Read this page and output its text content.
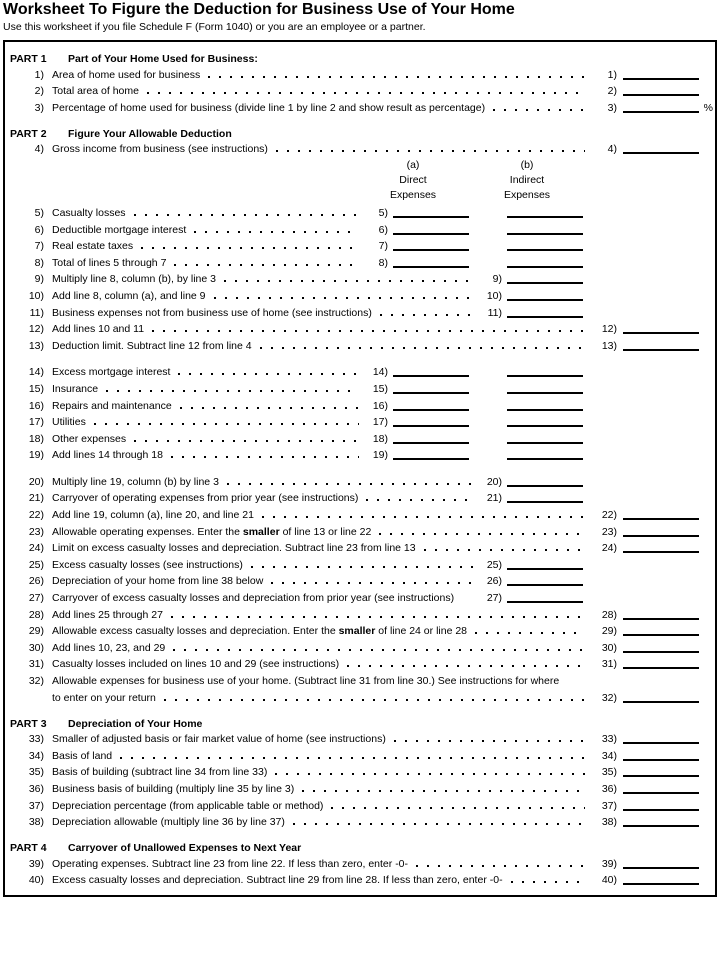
Worksheet To Figure the Deduction for Business Use of Your Home

Use this worksheet if you file Schedule F (Form 1040) or you are an employee or a partner.

PART 1	Part of Your Home Used for Business:
1) Area of home used for business	1)
2) Total area of home	2)
3) Percentage of home used for business (divide line 1 by line 2 and show result as percentage)	3)	%
PART 2	Figure Your Allowable Deduction
4) Gross income from business (see instructions)	4)
(a)
Direct
Expenses
(b)
Indirect
Expenses
5) Casualty losses	5)
6) Deductible mortgage interest	6)
7) Real estate taxes	7)
8) Total of lines 5 through 7	8)
9) Multiply line 8, column (b), by line 3	9)
10) Add line 8, column (a), and line 9	10)
11) Business expenses not from business use of home (see instructions)	11)
12) Add lines 10 and 11	12)
13) Deduction limit. Subtract line 12 from line 4	13)
14) Excess mortgage interest	14)
15) Insurance	15)
16) Repairs and maintenance	16)
17) Utilities	17)
18) Other expenses	18)
19) Add lines 14 through 18	19)
20) Multiply line 19, column (b) by line 3	20)
21) Carryover of operating expenses from prior year (see instructions)	21)
22) Add line 19, column (a), line 20, and line 21	22)
23) Allowable operating expenses. Enter the smaller of line 13 or line 22	23)
24) Limit on excess casualty losses and depreciation. Subtract line 23 from line 13	24)
25) Excess casualty losses (see instructions)	25)
26) Depreciation of your home from line 38 below	26)
27) Carryover of excess casualty losses and depreciation from prior year (see instructions)	27)
28) Add lines 25 through 27	28)
29) Allowable excess casualty losses and depreciation. Enter the smaller of line 24 or line 28	29)
30) Add lines 10, 23, and 29	30)
31) Casualty losses included on lines 10 and 29 (see instructions)	31)
32) Allowable expenses for business use of your home. (Subtract line 31 from line 30.) See instructions for where
to enter on your return	32)
PART 3	Depreciation of Your Home
33) Smaller of adjusted basis or fair market value of home (see instructions)	33)
34) Basis of land	34)
35) Basis of building (subtract line 34 from line 33)	35)
36) Business basis of building (multiply line 35 by line 3)	36)
37) Depreciation percentage (from applicable table or method)	37)
38) Depreciation allowable (multiply line 36 by line 37)	38)
PART 4	Carryover of Unallowed Expenses to Next Year
39) Operating expenses. Subtract line 23 from line 22. If less than zero, enter -0-	39)
40) Excess casualty losses and depreciation. Subtract line 29 from line 28. If less than zero, enter -0-	40)
